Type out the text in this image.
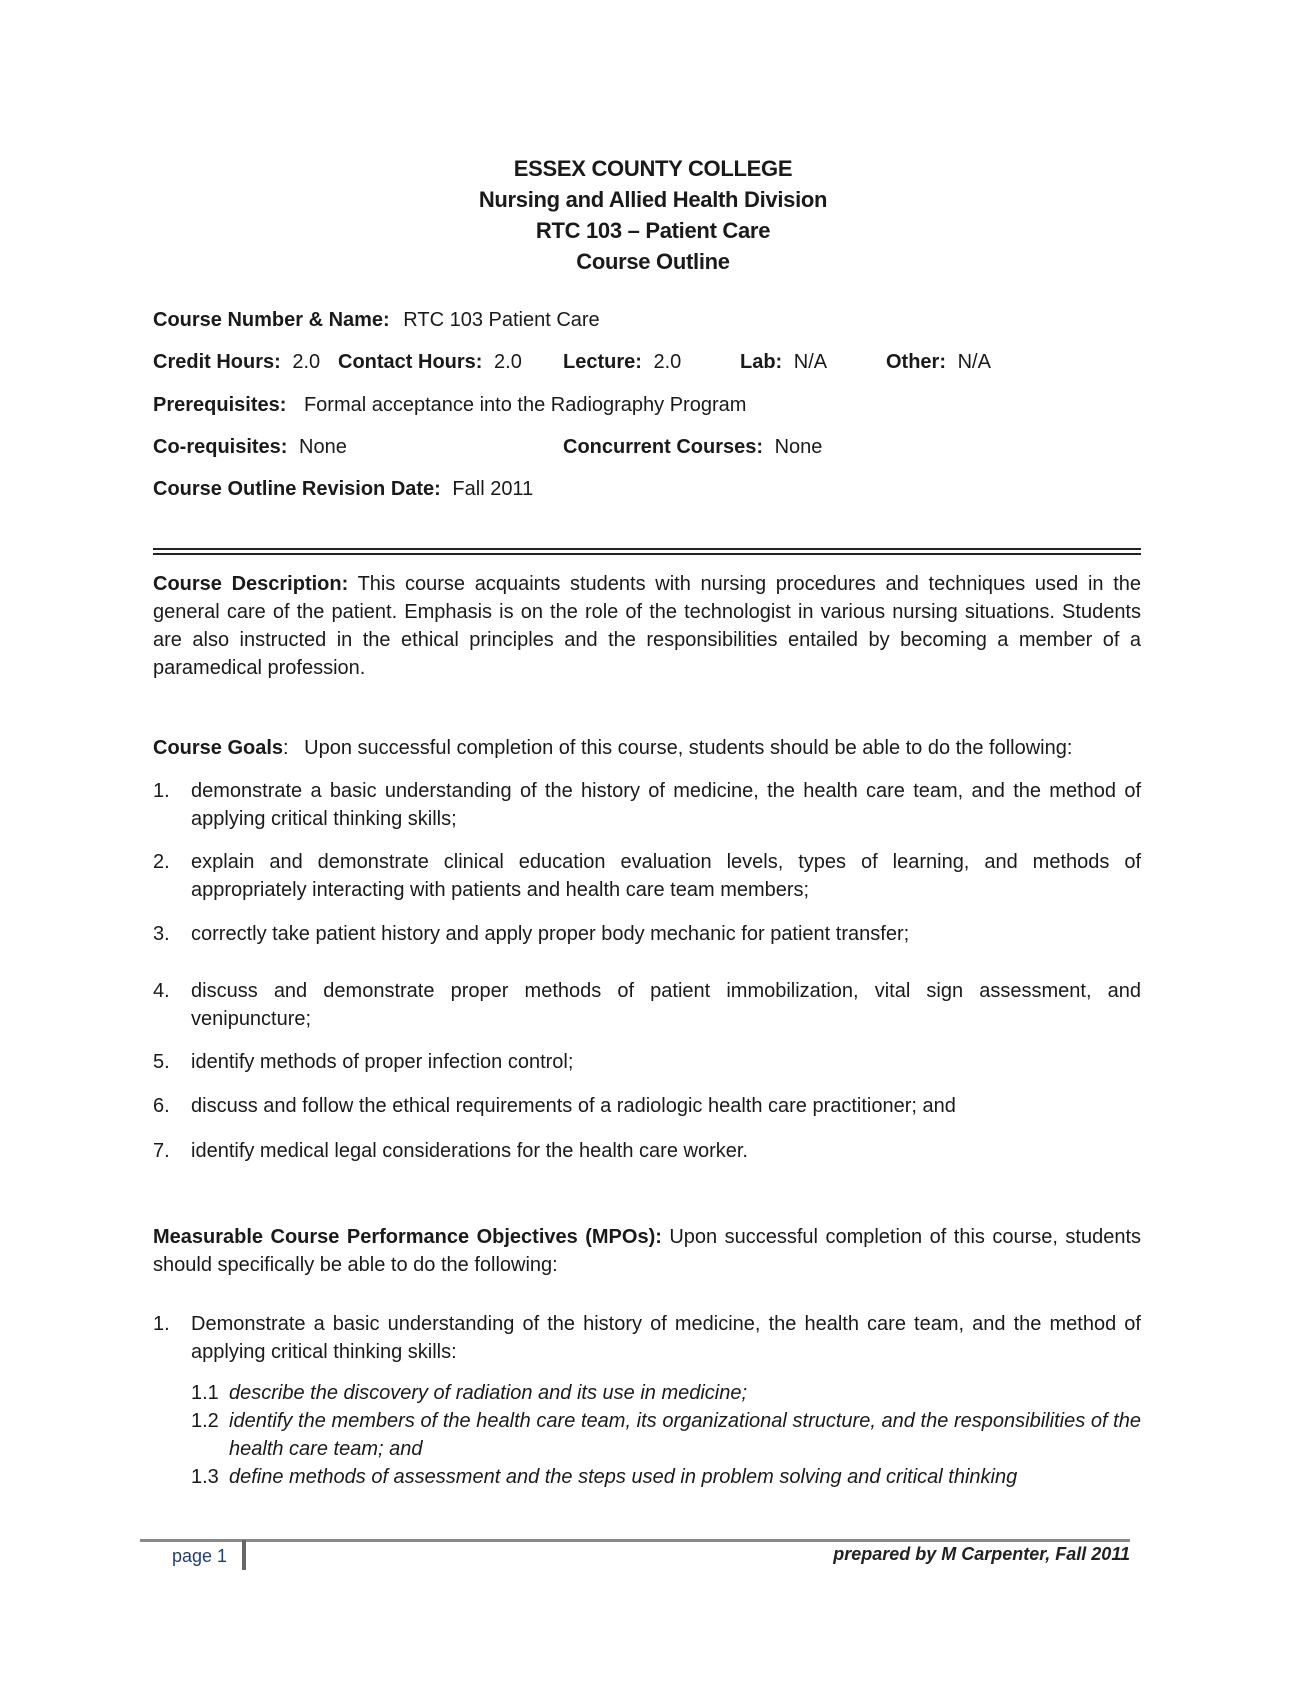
ESSEX COUNTY COLLEGE
Nursing and Allied Health Division
RTC 103 – Patient Care
Course Outline
Course Number & Name: RTC 103 Patient Care
Credit Hours: 2.0 Contact Hours: 2.0 Lecture: 2.0	Lab: N/A	Other: N/A
Prerequisites: Formal acceptance into the Radiography Program
Co-requisites: None	Concurrent Courses: None
Course Outline Revision Date: Fall 2011
Course Description: This course acquaints students with nursing procedures and techniques used in the general care of the patient. Emphasis is on the role of the technologist in various nursing situations. Students are also instructed in the ethical principles and the responsibilities entailed by becoming a member of a paramedical profession.
Course Goals: Upon successful completion of this course, students should be able to do the following:
1.	demonstrate a basic understanding of the history of medicine, the health care team, and the method of applying critical thinking skills;
2.	explain and demonstrate clinical education evaluation levels, types of learning, and methods of appropriately interacting with patients and health care team members;
3.	correctly take patient history and apply proper body mechanic for patient transfer;
4.	discuss and demonstrate proper methods of patient immobilization, vital sign assessment, and venipuncture;
5.	identify methods of proper infection control;
6.	discuss and follow the ethical requirements of a radiologic health care practitioner; and
7.	identify medical legal considerations for the health care worker.
Measurable Course Performance Objectives (MPOs): Upon successful completion of this course, students should specifically be able to do the following:
1.	Demonstrate a basic understanding of the history of medicine, the health care team, and the method of applying critical thinking skills:
1.1 describe the discovery of radiation and its use in medicine;
1.2 identify the members of the health care team, its organizational structure, and the responsibilities of the health care team; and
1.3 define methods of assessment and the steps used in problem solving and critical thinking
page 1	prepared by M Carpenter, Fall 2011
